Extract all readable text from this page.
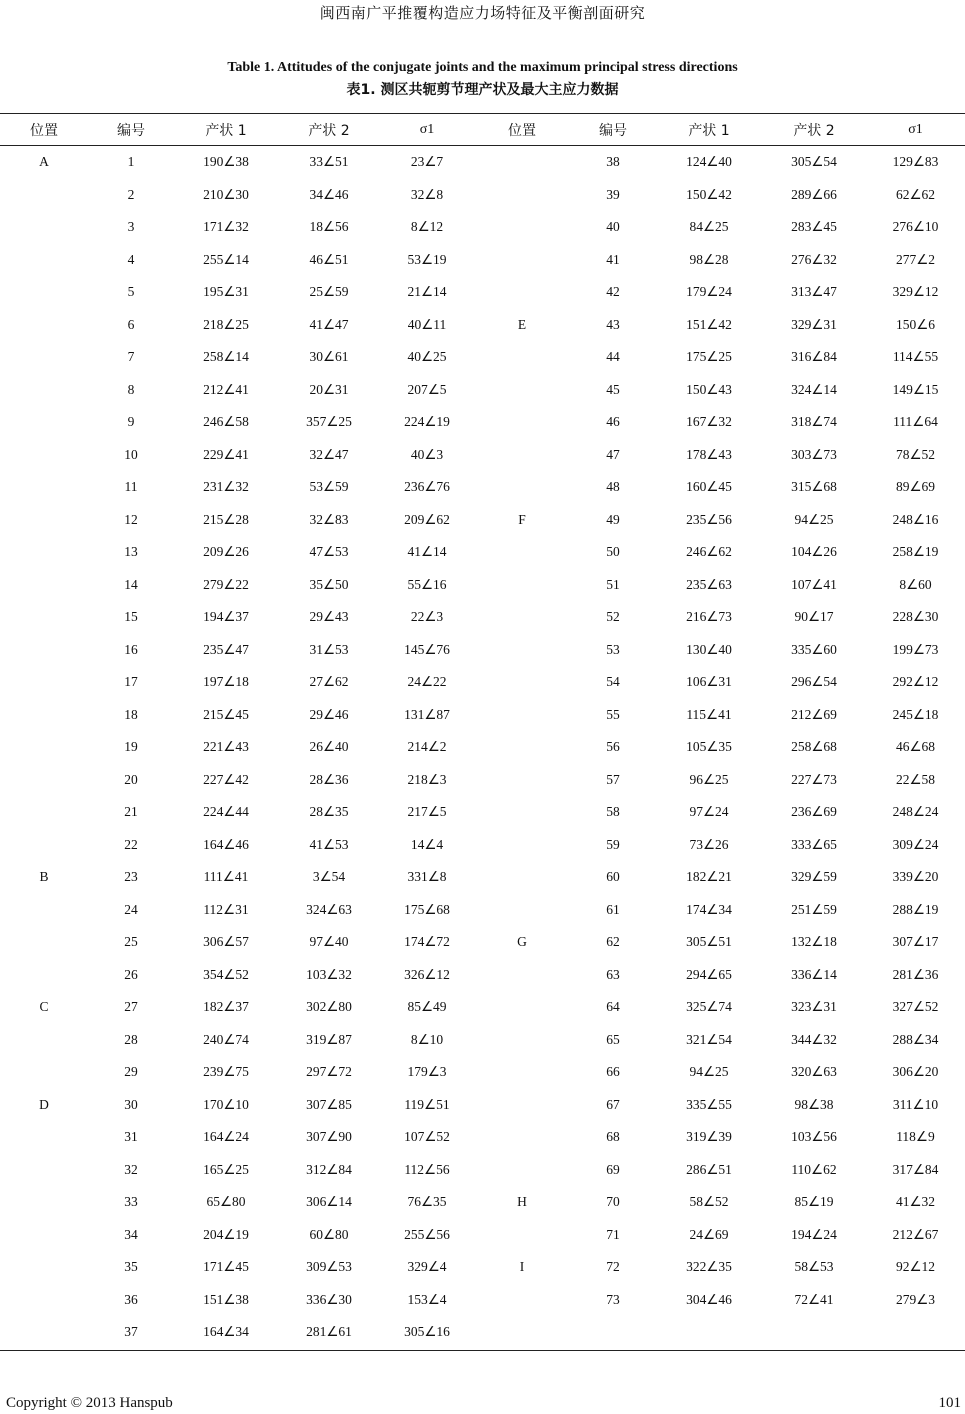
闽西南广平推覆构造应力场特征及平衡剖面研究
Table 1. Attitudes of the conjugate joints and the maximum principal stress directions
表1. 测区共轭剪节理产状及最大主应力数据
位置	编号	产状 1	产状 2	σ1	位置	编号	产状 1	产状 2	σ1
A	1	190∠38	33∠51	23∠7		38	124∠40	305∠54	129∠83
	2	210∠30	34∠46	32∠8		39	150∠42	289∠66	62∠62
	3	171∠32	18∠56	8∠12		40	84∠25	283∠45	276∠10
	4	255∠14	46∠51	53∠19		41	98∠28	276∠32	277∠2
	5	195∠31	25∠59	21∠14		42	179∠24	313∠47	329∠12
	6	218∠25	41∠47	40∠11	E	43	151∠42	329∠31	150∠6
	7	258∠14	30∠61	40∠25		44	175∠25	316∠84	114∠55
	8	212∠41	20∠31	207∠5		45	150∠43	324∠14	149∠15
	9	246∠58	357∠25	224∠19		46	167∠32	318∠74	111∠64
	10	229∠41	32∠47	40∠3		47	178∠43	303∠73	78∠52
	11	231∠32	53∠59	236∠76		48	160∠45	315∠68	89∠69
	12	215∠28	32∠83	209∠62	F	49	235∠56	94∠25	248∠16
	13	209∠26	47∠53	41∠14		50	246∠62	104∠26	258∠19
	14	279∠22	35∠50	55∠16		51	235∠63	107∠41	8∠60
	15	194∠37	29∠43	22∠3		52	216∠73	90∠17	228∠30
	16	235∠47	31∠53	145∠76		53	130∠40	335∠60	199∠73
	17	197∠18	27∠62	24∠22		54	106∠31	296∠54	292∠12
	18	215∠45	29∠46	131∠87		55	115∠41	212∠69	245∠18
	19	221∠43	26∠40	214∠2		56	105∠35	258∠68	46∠68
	20	227∠42	28∠36	218∠3		57	96∠25	227∠73	22∠58
	21	224∠44	28∠35	217∠5		58	97∠24	236∠69	248∠24
	22	164∠46	41∠53	14∠4		59	73∠26	333∠65	309∠24
B	23	111∠41	3∠54	331∠8		60	182∠21	329∠59	339∠20
	24	112∠31	324∠63	175∠68		61	174∠34	251∠59	288∠19
	25	306∠57	97∠40	174∠72	G	62	305∠51	132∠18	307∠17
	26	354∠52	103∠32	326∠12		63	294∠65	336∠14	281∠36
C	27	182∠37	302∠80	85∠49		64	325∠74	323∠31	327∠52
	28	240∠74	319∠87	8∠10		65	321∠54	344∠32	288∠34
	29	239∠75	297∠72	179∠3		66	94∠25	320∠63	306∠20
D	30	170∠10	307∠85	119∠51		67	335∠55	98∠38	311∠10
	31	164∠24	307∠90	107∠52		68	319∠39	103∠56	118∠9
	32	165∠25	312∠84	112∠56		69	286∠51	110∠62	317∠84
	33	65∠80	306∠14	76∠35	H	70	58∠52	85∠19	41∠32
	34	204∠19	60∠80	255∠56		71	24∠69	194∠24	212∠67
	35	171∠45	309∠53	329∠4	I	72	322∠35	58∠53	92∠12
	36	151∠38	336∠30	153∠4		73	304∠46	72∠41	279∠3
	37	164∠34	281∠61	305∠16					
Copyright © 2013 Hanspub	101
